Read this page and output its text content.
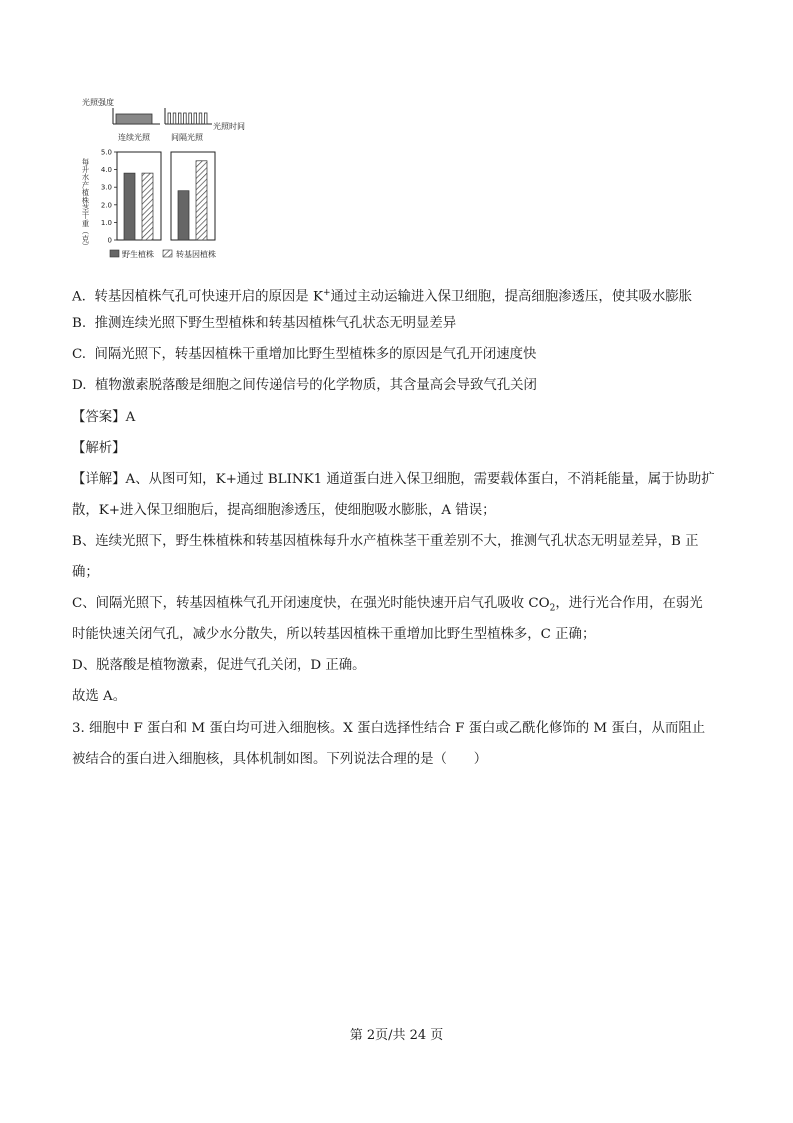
光照强度
连续光照
光照时间
间隔光照
每升水产植株茎干重（克） 0
1.0
2.0
3.0
4.0
5.0
野生植株	转基因植株
A. 转基因植株气孔可快速开启的原因是 K+通过主动运输进入保卫细胞，提高细胞渗透压，使其吸水膨胀
B. 推测连续光照下野生型植株和转基因植株气孔状态无明显差异
C. 间隔光照下，转基因植株干重增加比野生型植株多的原因是气孔开闭速度快
D. 植物激素脱落酸是细胞之间传递信号的化学物质，其含量高会导致气孔关闭
【答案】A
【解析】
【详解】A、从图可知，K+通过 BLINK1 通道蛋白进入保卫细胞，需要载体蛋白，不消耗能量，属于协助扩
散，K+进入保卫细胞后，提高细胞渗透压，使细胞吸水膨胀，A 错误；
B、连续光照下，野生株植株和转基因植株每升水产植株茎干重差别不大，推测气孔状态无明显差异，B 正
确；
C、间隔光照下，转基因植株气孔开闭速度快，在强光时能快速开启气孔吸收 $CO_2$，进行光合作用，在弱光
时能快速关闭气孔，减少水分散失，所以转基因植株干重增加比野生型植株多，C 正确；
D、脱落酸是植物激素，促进气孔关闭，D 正确。
故选 A。
3. 细胞中 F 蛋白和 M 蛋白均可进入细胞核。X 蛋白选择性结合 F 蛋白或乙酰化修饰的 M 蛋白，从而阻止
被结合的蛋白进入细胞核，具体机制如图。下列说法合理的是（　　）
第 2页/共 24 页
